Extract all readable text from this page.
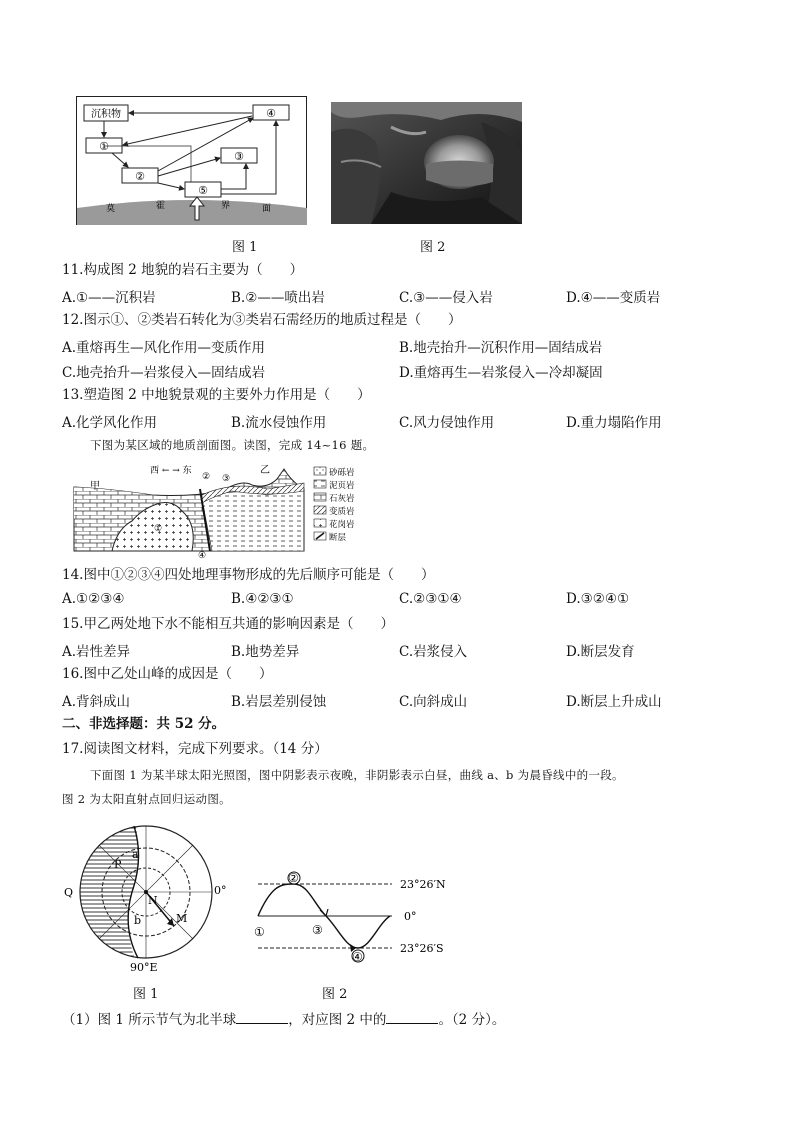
沉积物
①
②
③
④
⑤
莫	霍	界	面
图 1	图 2
11.构成图 2 地貌的岩石主要为（　　）
A.①——沉积岩	B.②——喷出岩	C.③——侵入岩	D.④——变质岩
12.图示①、②类岩石转化为③类岩石需经历的地质过程是（　　）
A.重熔再生—风化作用—变质作用	B.地壳抬升—沉积作用—固结成岩
C.地壳抬升—岩浆侵入—固结成岩	D.重熔再生—岩浆侵入—冷却凝固
13.塑造图 2 中地貌景观的主要外力作用是（　　）
A.化学风化作用	B.流水侵蚀作用	C.风力侵蚀作用	D.重力塌陷作用
下图为某区域的地质剖面图。读图，完成 14~16 题。
西 ← → 东
甲
乙
①
② ③
④
砂砾岩
泥页岩
石灰岩
变质岩
花岗岩
断层
14.图中①②③④四处地理事物形成的先后顺序可能是（　　）
A.①②③④	B.④②③①	C.②③①④	D.③②④①
15.甲乙两处地下水不能相互共通的影响因素是（　　）
A.岩性差异	B.地势差异	C.岩浆侵入	D.断层发育
16.图中乙处山峰的成因是（　　）
A.背斜成山	B.岩层差别侵蚀	C.向斜成山	D.断层上升成山
二、非选择题：共 52 分。
17.阅读图文材料，完成下列要求。（14 分）
下面图 1 为某半球太阳光照图，图中阴影表示夜晚，非阴影表示白昼，曲线 a、b 为晨昏线中的一段。
图 2 为太阳直射点回归运动图。
Q
P
a
b
N
M
0°
90°E
①
②
③
④
23°26′N
0°
23°26′S
图 1	图 2
（1）图 1 所示节气为北半球	，对应图 2 中的	。（2 分）。
